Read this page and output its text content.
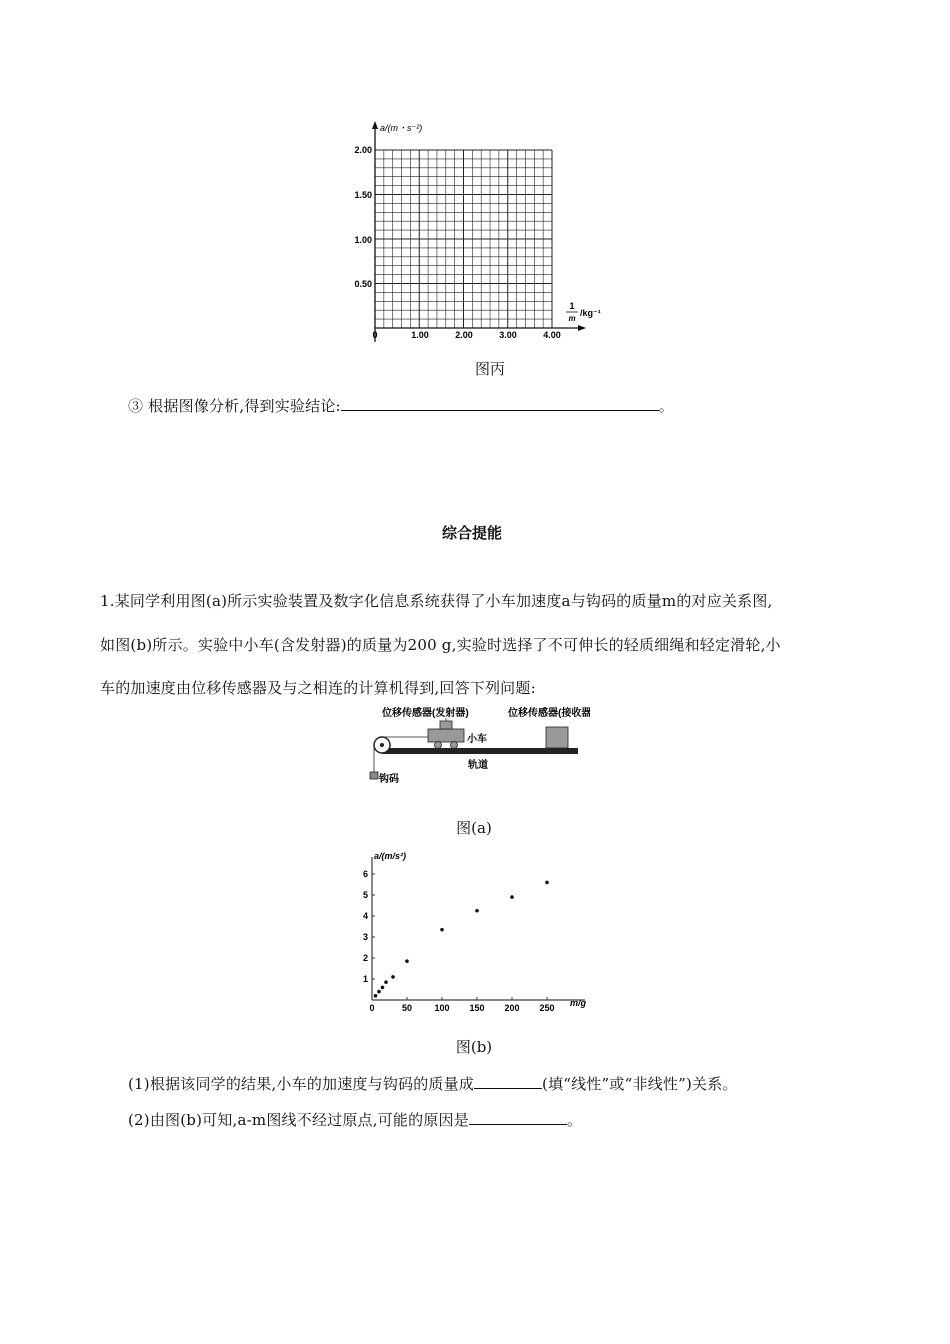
a/(m・s⁻²)
2.00
1.50
1.00
0.50
0	1.00	2.00	3.00	4.00
1
m
/kg⁻¹
图丙
③ 根据图像分析,得到实验结论:	。
综合提能
1.某同学利用图(a)所示实验装置及数字化信息系统获得了小车加速度a与钩码的质量m的对应关系图,
如图(b)所示。实验中小车(含发射器)的质量为200 g,实验时选择了不可伸长的轻质细绳和轻定滑轮,小
车的加速度由位移传感器及与之相连的计算机得到,回答下列问题:
位移传感器(发射器)	位移传感器(接收器)
轨道
钩码
小车
图(a)
a/(m/s²)
m/g
0	50 100 150 200 250
1
2
3
4
5
6
图(b)
(1)根据该同学的结果,小车的加速度与钩码的质量成	(填“线性”或“非线性”)关系。
(2)由图(b)可知,a-m图线不经过原点,可能的原因是	。
